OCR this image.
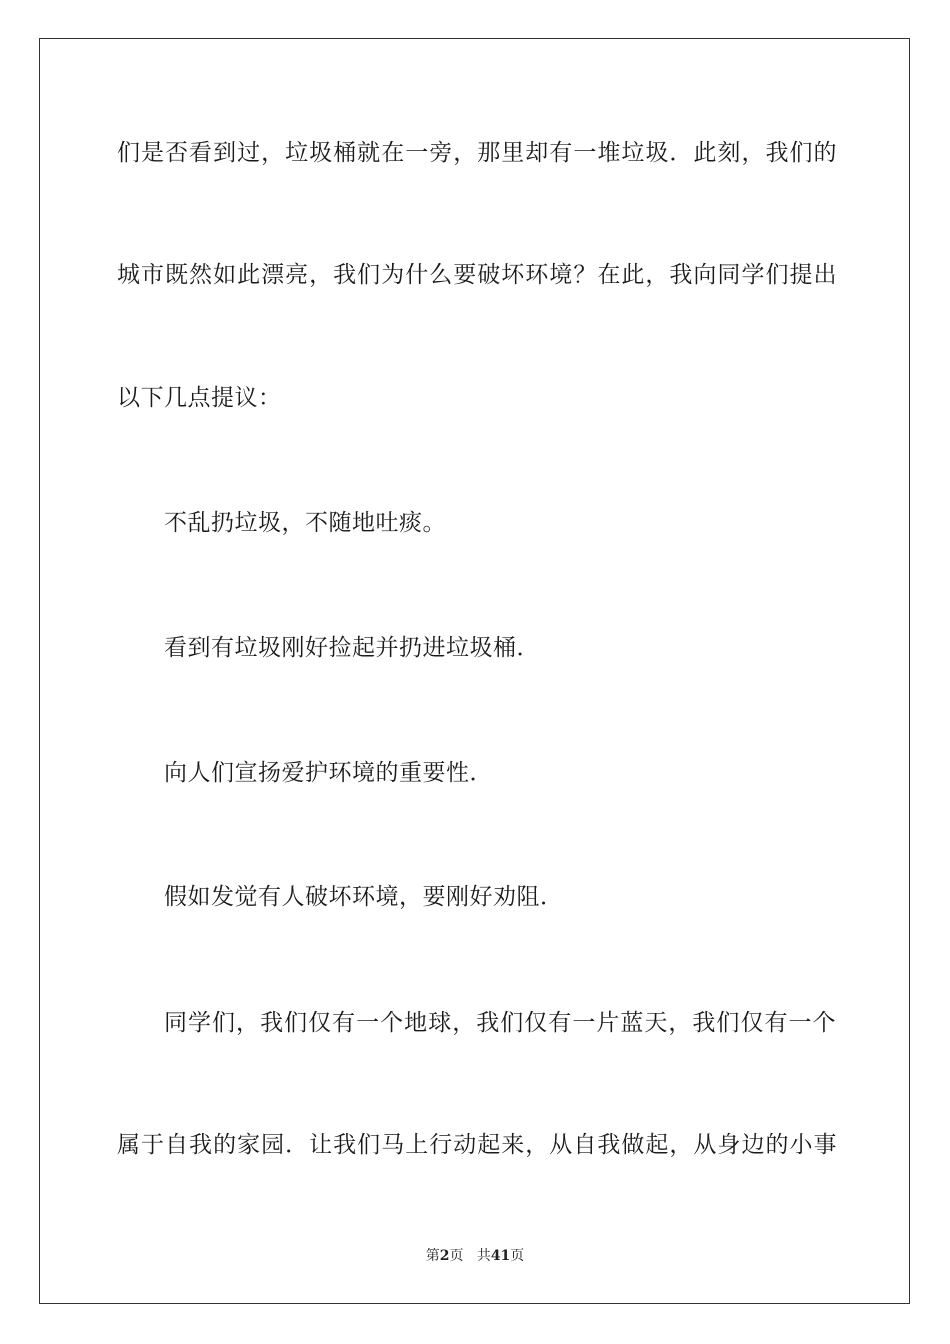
们是否看到过，垃圾桶就在一旁，那里却有一堆垃圾．此刻，我们的
城市既然如此漂亮，我们为什么要破坏环境？在此，我向同学们提出
以下几点提议：
不乱扔垃圾，不随地吐痰。
看到有垃圾刚好捡起并扔进垃圾桶．
向人们宣扬爱护环境的重要性．
假如发觉有人破坏环境，要刚好劝阻．
同学们，我们仅有一个地球，我们仅有一片蓝天，我们仅有一个
属于自我的家园．让我们马上行动起来，从自我做起，从身边的小事
第2页 共41页
